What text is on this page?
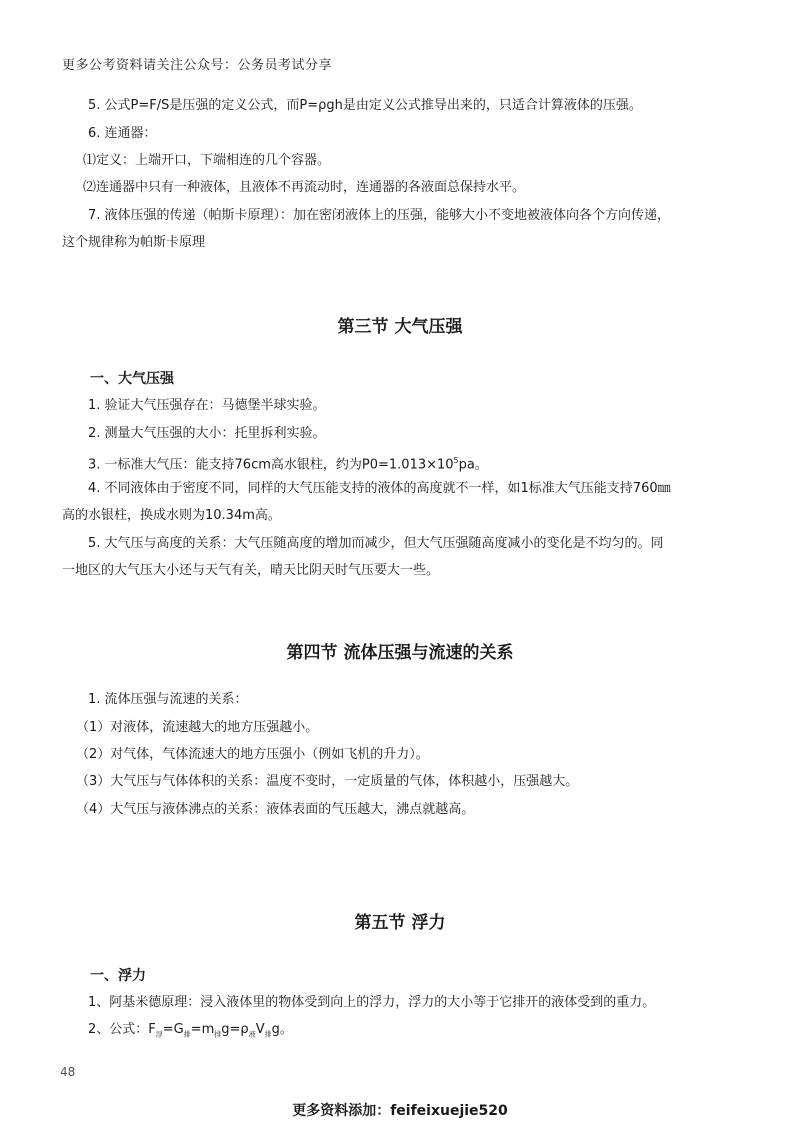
更多公考资料请关注公众号：公务员考试分享
5. 公式P=F/S是压强的定义公式，而P=ρgh是由定义公式推导出来的，只适合计算液体的压强。
6. 连通器：
⑴定义：上端开口，下端相连的几个容器。
⑵连通器中只有一种液体，且液体不再流动时，连通器的各液面总保持水平。
7. 液体压强的传递（帕斯卡原理）：加在密闭液体上的压强，能够大小不变地被液体向各个方向传递，
这个规律称为帕斯卡原理
第三节 大气压强
一、大气压强
1. 验证大气压强存在：马德堡半球实验。
2. 测量大气压强的大小：托里拆利实验。
3. 一标准大气压：能支持76cm高水银柱，约为$P0=1.013\times 10^5pa$。
4. 不同液体由于密度不同，同样的大气压能支持的液体的高度就不一样，如1标准大气压能支持760㎜
高的水银柱，换成水则为10.34m高。
5. 大气压与高度的关系：大气压随高度的增加而减少，但大气压强随高度减小的变化是不均匀的。同
一地区的大气压大小还与天气有关，晴天比阴天时气压要大一些。
第四节 流体压强与流速的关系
1. 流体压强与流速的关系：
（1）对液体，流速越大的地方压强越小。
（2）对气体，气体流速大的地方压强小（例如飞机的升力）。
（3）大气压与气体体积的关系：温度不变时，一定质量的气体，体积越小，压强越大。
（4）大气压与液体沸点的关系：液体表面的气压越大，沸点就越高。
第五节 浮力
一、浮力
1、阿基米德原理：浸入液体里的物体受到向上的浮力，浮力的大小等于它排开的液体受到的重力。
2、公式：$F_浮=G_排=m_排g=\rho_液V_排g$。
48
更多资料添加：feifeixuejie520
